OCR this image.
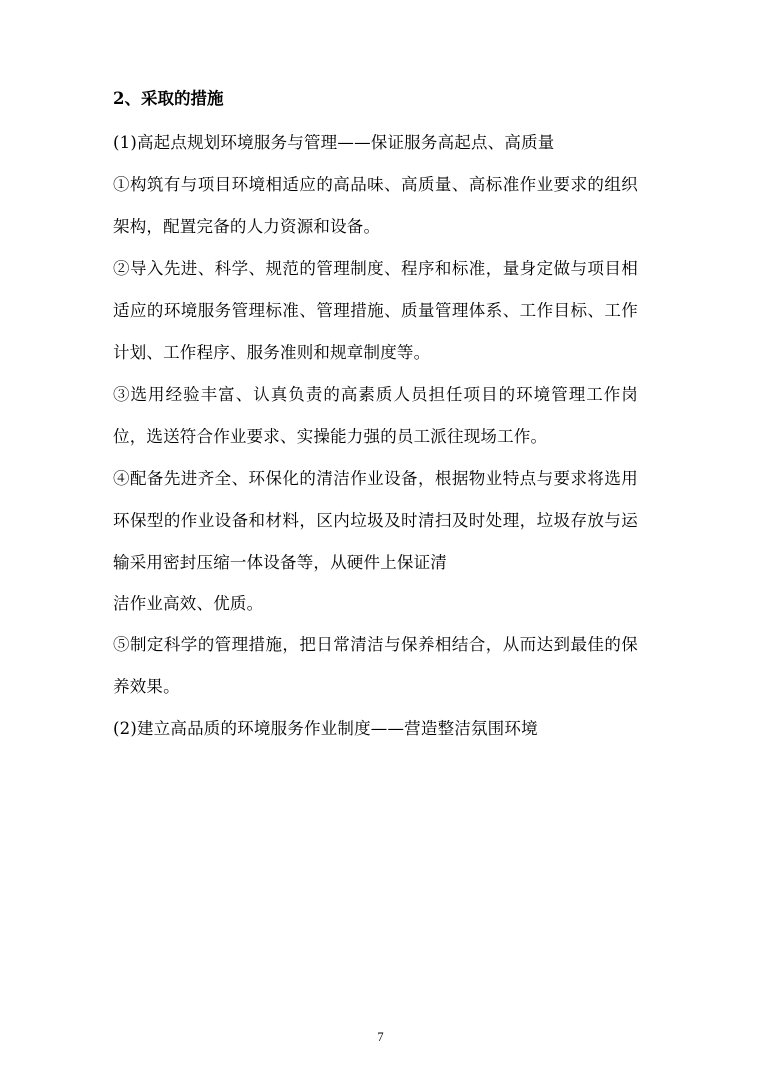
2、采取的措施

(1)高起点规划环境服务与管理——保证服务高起点、高质量

①构筑有与项目环境相适应的高品味、高质量、高标准作业要求的组织架构，配置完备的人力资源和设备。

②导入先进、科学、规范的管理制度、程序和标准，量身定做与项目相适应的环境服务管理标准、管理措施、质量管理体系、工作目标、工作计划、工作程序、服务准则和规章制度等。

③选用经验丰富、认真负责的高素质人员担任项目的环境管理工作岗位，选送符合作业要求、实操能力强的员工派往现场工作。

④配备先进齐全、环保化的清洁作业设备，根据物业特点与要求将选用环保型的作业设备和材料，区内垃圾及时清扫及时处理，垃圾存放与运输采用密封压缩一体设备等，从硬件上保证清

洁作业高效、优质。

⑤制定科学的管理措施，把日常清洁与保养相结合，从而达到最佳的保养效果。

(2)建立高品质的环境服务作业制度——营造整洁氛围环境

7
